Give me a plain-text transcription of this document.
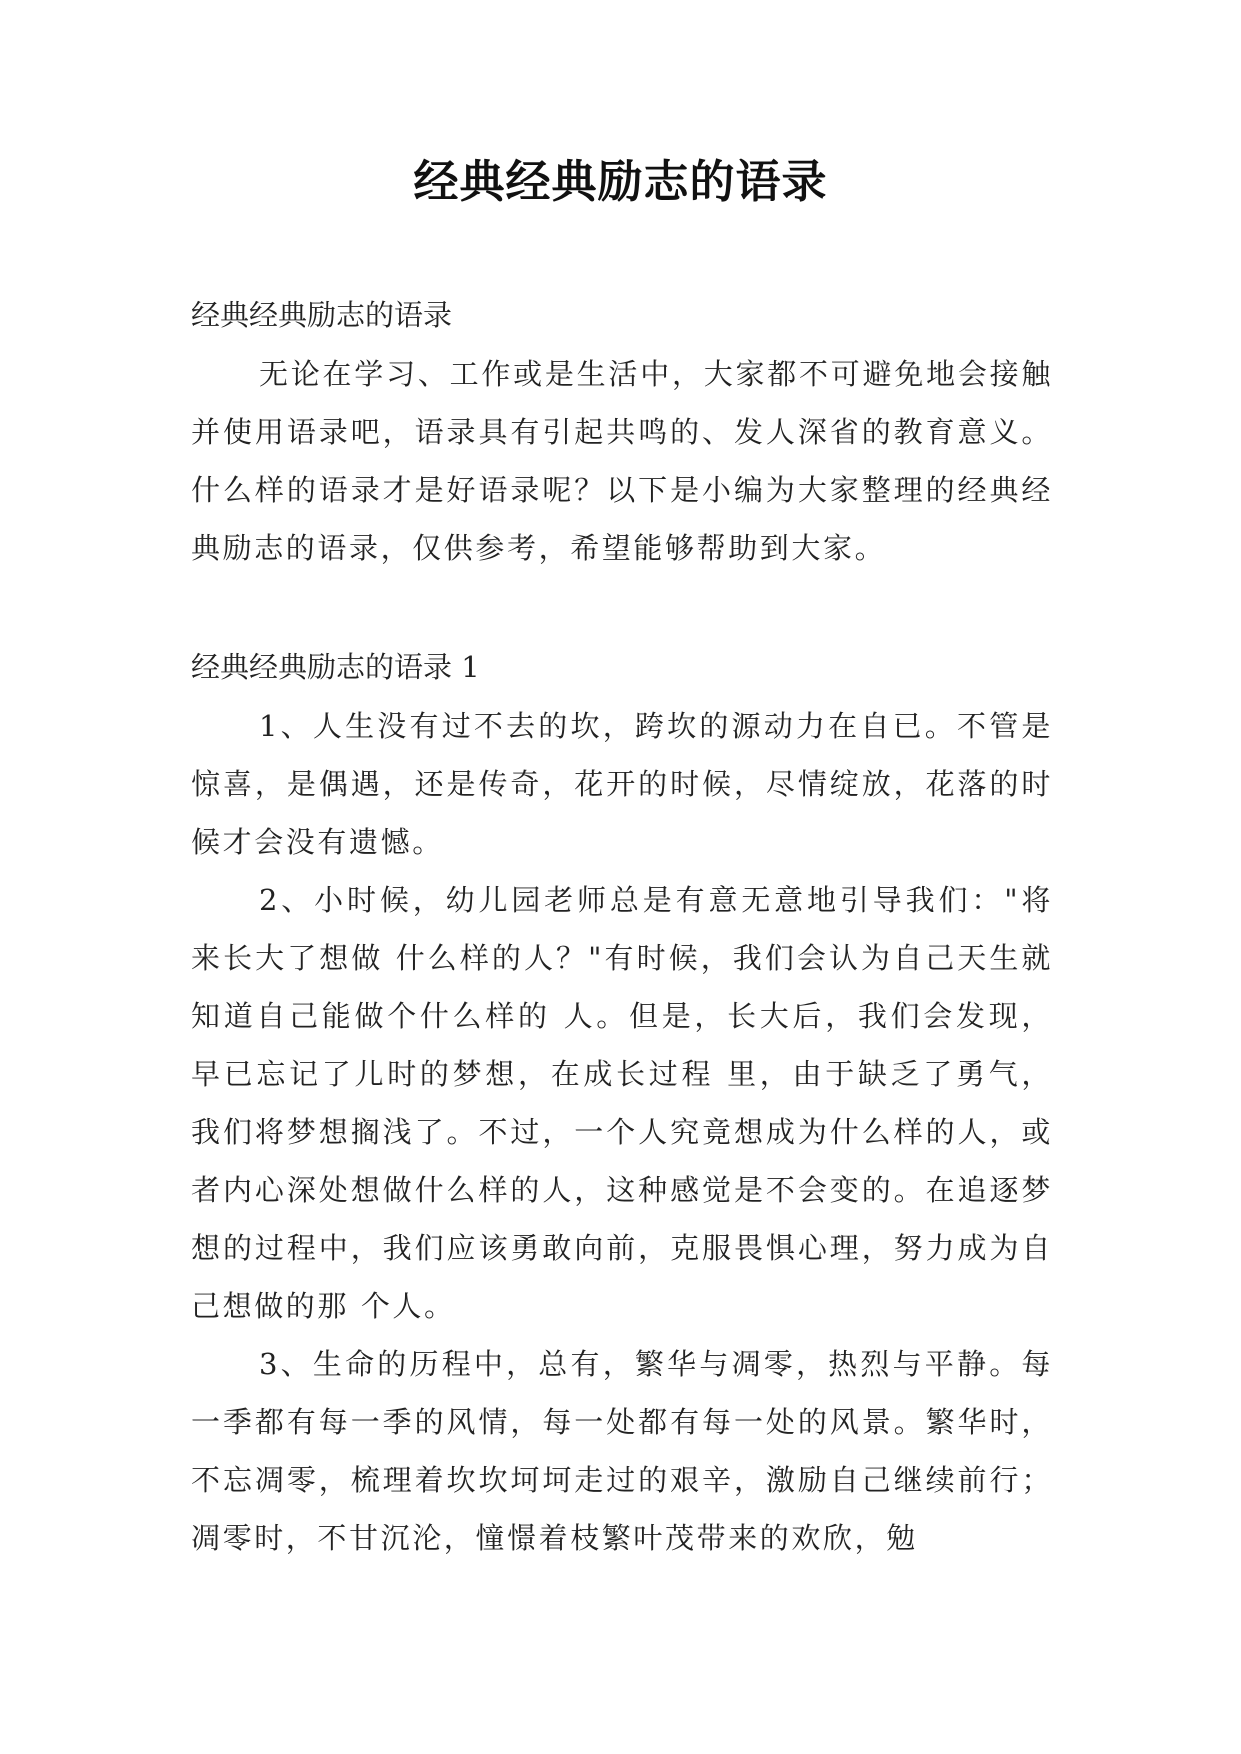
经典经典励志的语录

经典经典励志的语录

无论在学习、工作或是生活中，大家都不可避免地会接触并使用语录吧，语录具有引起共鸣的、发人深省的教育意义。什么样的语录才是好语录呢？以下是小编为大家整理的经典经典励志的语录，仅供参考，希望能够帮助到大家。

经典经典励志的语录 1

1、人生没有过不去的坎，跨坎的源动力在自已。不管是惊喜，是偶遇，还是传奇，花开的时候，尽情绽放，花落的时候才会没有遗憾。

2、小时候，幼儿园老师总是有意无意地引导我们："将来长大了想做 什么样的人？"有时候，我们会认为自己天生就知道自己能做个什么样的 人。但是，长大后，我们会发现，早已忘记了儿时的梦想，在成长过程 里，由于缺乏了勇气，我们将梦想搁浅了。不过，一个人究竟想成为什么样的人，或者内心深处想做什么样的人，这种感觉是不会变的。在追逐梦 想的过程中，我们应该勇敢向前，克服畏惧心理，努力成为自己想做的那 个人。

3、生命的历程中，总有，繁华与凋零，热烈与平静。每一季都有每一季的风情，每一处都有每一处的风景。繁华时，不忘凋零，梳理着坎坎坷坷走过的艰辛，激励自己继续前行；凋零时，不甘沉沦，憧憬着枝繁叶茂带来的欢欣，勉
